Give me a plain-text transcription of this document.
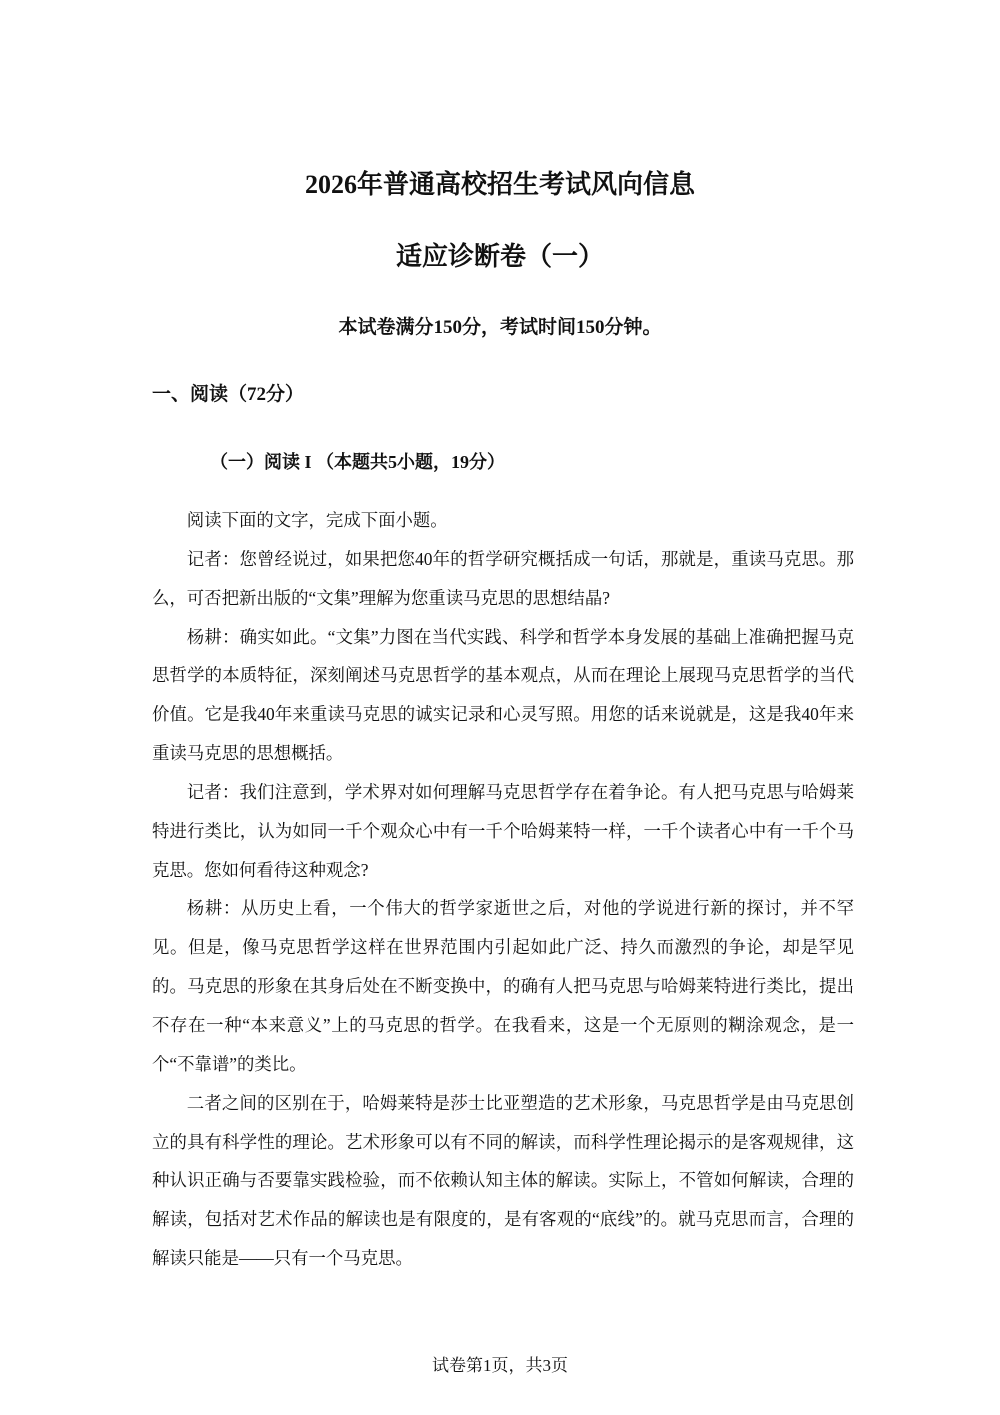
2026年普通高校招生考试风向信息
适应诊断卷（一）

本试卷满分150分，考试时间150分钟。

一、阅读（72分）

（一）阅读 I （本题共5小题，19分）

阅读下面的文字，完成下面小题。

记者：您曾经说过，如果把您40年的哲学研究概括成一句话，那就是，重读马克思。那么，可否把新出版的“文集”理解为您重读马克思的思想结晶?

杨耕：确实如此。“文集”力图在当代实践、科学和哲学本身发展的基础上准确把握马克思哲学的本质特征，深刻阐述马克思哲学的基本观点，从而在理论上展现马克思哲学的当代价值。它是我40年来重读马克思的诚实记录和心灵写照。用您的话来说就是，这是我40年来重读马克思的思想概括。

记者：我们注意到，学术界对如何理解马克思哲学存在着争论。有人把马克思与哈姆莱特进行类比，认为如同一千个观众心中有一千个哈姆莱特一样，一千个读者心中有一千个马克思。您如何看待这种观念?

杨耕：从历史上看，一个伟大的哲学家逝世之后，对他的学说进行新的探讨，并不罕见。但是，像马克思哲学这样在世界范围内引起如此广泛、持久而激烈的争论，却是罕见的。马克思的形象在其身后处在不断变换中，的确有人把马克思与哈姆莱特进行类比，提出不存在一种“本来意义”上的马克思的哲学。在我看来，这是一个无原则的糊涂观念，是一个“不靠谱”的类比。

二者之间的区别在于，哈姆莱特是莎士比亚塑造的艺术形象，马克思哲学是由马克思创立的具有科学性的理论。艺术形象可以有不同的解读，而科学性理论揭示的是客观规律，这种认识正确与否要靠实践检验，而不依赖认知主体的解读。实际上，不管如何解读，合理的解读，包括对艺术作品的解读也是有限度的，是有客观的“底线”的。就马克思而言，合理的解读只能是——只有一个马克思。

试卷第1页，共3页
